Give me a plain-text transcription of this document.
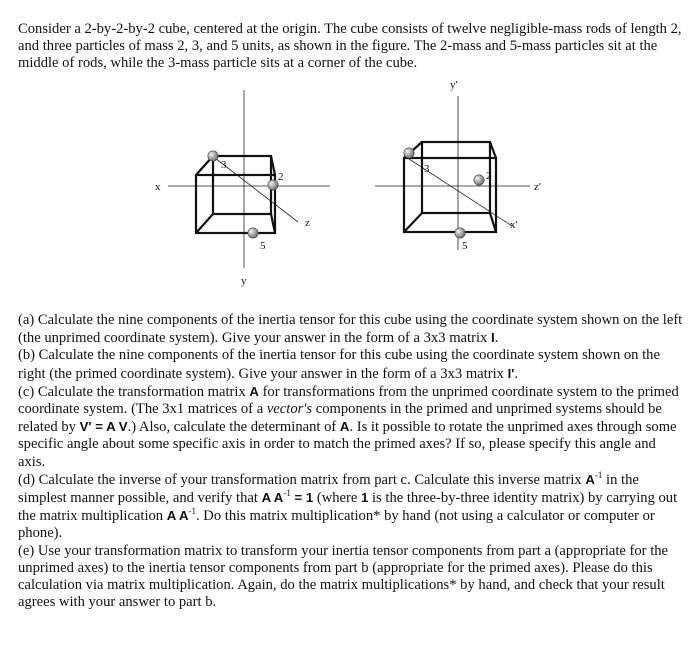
Consider a 2-by-2-by-2 cube, centered at the origin. The cube consists of twelve negligible-mass rods of length 2, and three particles of mass 2, 3, and 5 units, as shown in the figure. The 2-mass and 5-mass particles sit at the middle of rods, while the 3-mass particle sits at a corner of the cube.

x
y
z
3
2
5
y'
z'
x'
3
2
5

(a) Calculate the nine components of the inertia tensor for this cube using the coordinate system shown on the left (the unprimed coordinate system). Give your answer in the form of a 3x3 matrix I.

(b) Calculate the nine components of the inertia tensor for this cube using the coordinate system shown on the right (the primed coordinate system). Give your answer in the form of a 3x3 matrix I'.

(c) Calculate the transformation matrix A for transformations from the unprimed coordinate system to the primed coordinate system. (The 3x1 matrices of a vector's components in the primed and unprimed systems should be related by V' = A V.) Also, calculate the determinant of A. Is it possible to rotate the unprimed axes through some specific angle about some specific axis in order to match the primed axes? If so, please specify this angle and axis.

(d) Calculate the inverse of your transformation matrix from part c. Calculate this inverse matrix $A^{-1}$ in the simplest manner possible, and verify that A $A^{-1} = 1$ (where 1 is the three-by-three identity matrix) by carrying out the matrix multiplication A $A^{-1}$. Do this matrix multiplication* by hand (not using a calculator or computer or phone).

(e) Use your transformation matrix to transform your inertia tensor components from part a (appropriate for the unprimed axes) to the inertia tensor components from part b (appropriate for the primed axes). Please do this calculation via matrix multiplication. Again, do the matrix multiplications* by hand, and check that your result agrees with your answer to part b.
